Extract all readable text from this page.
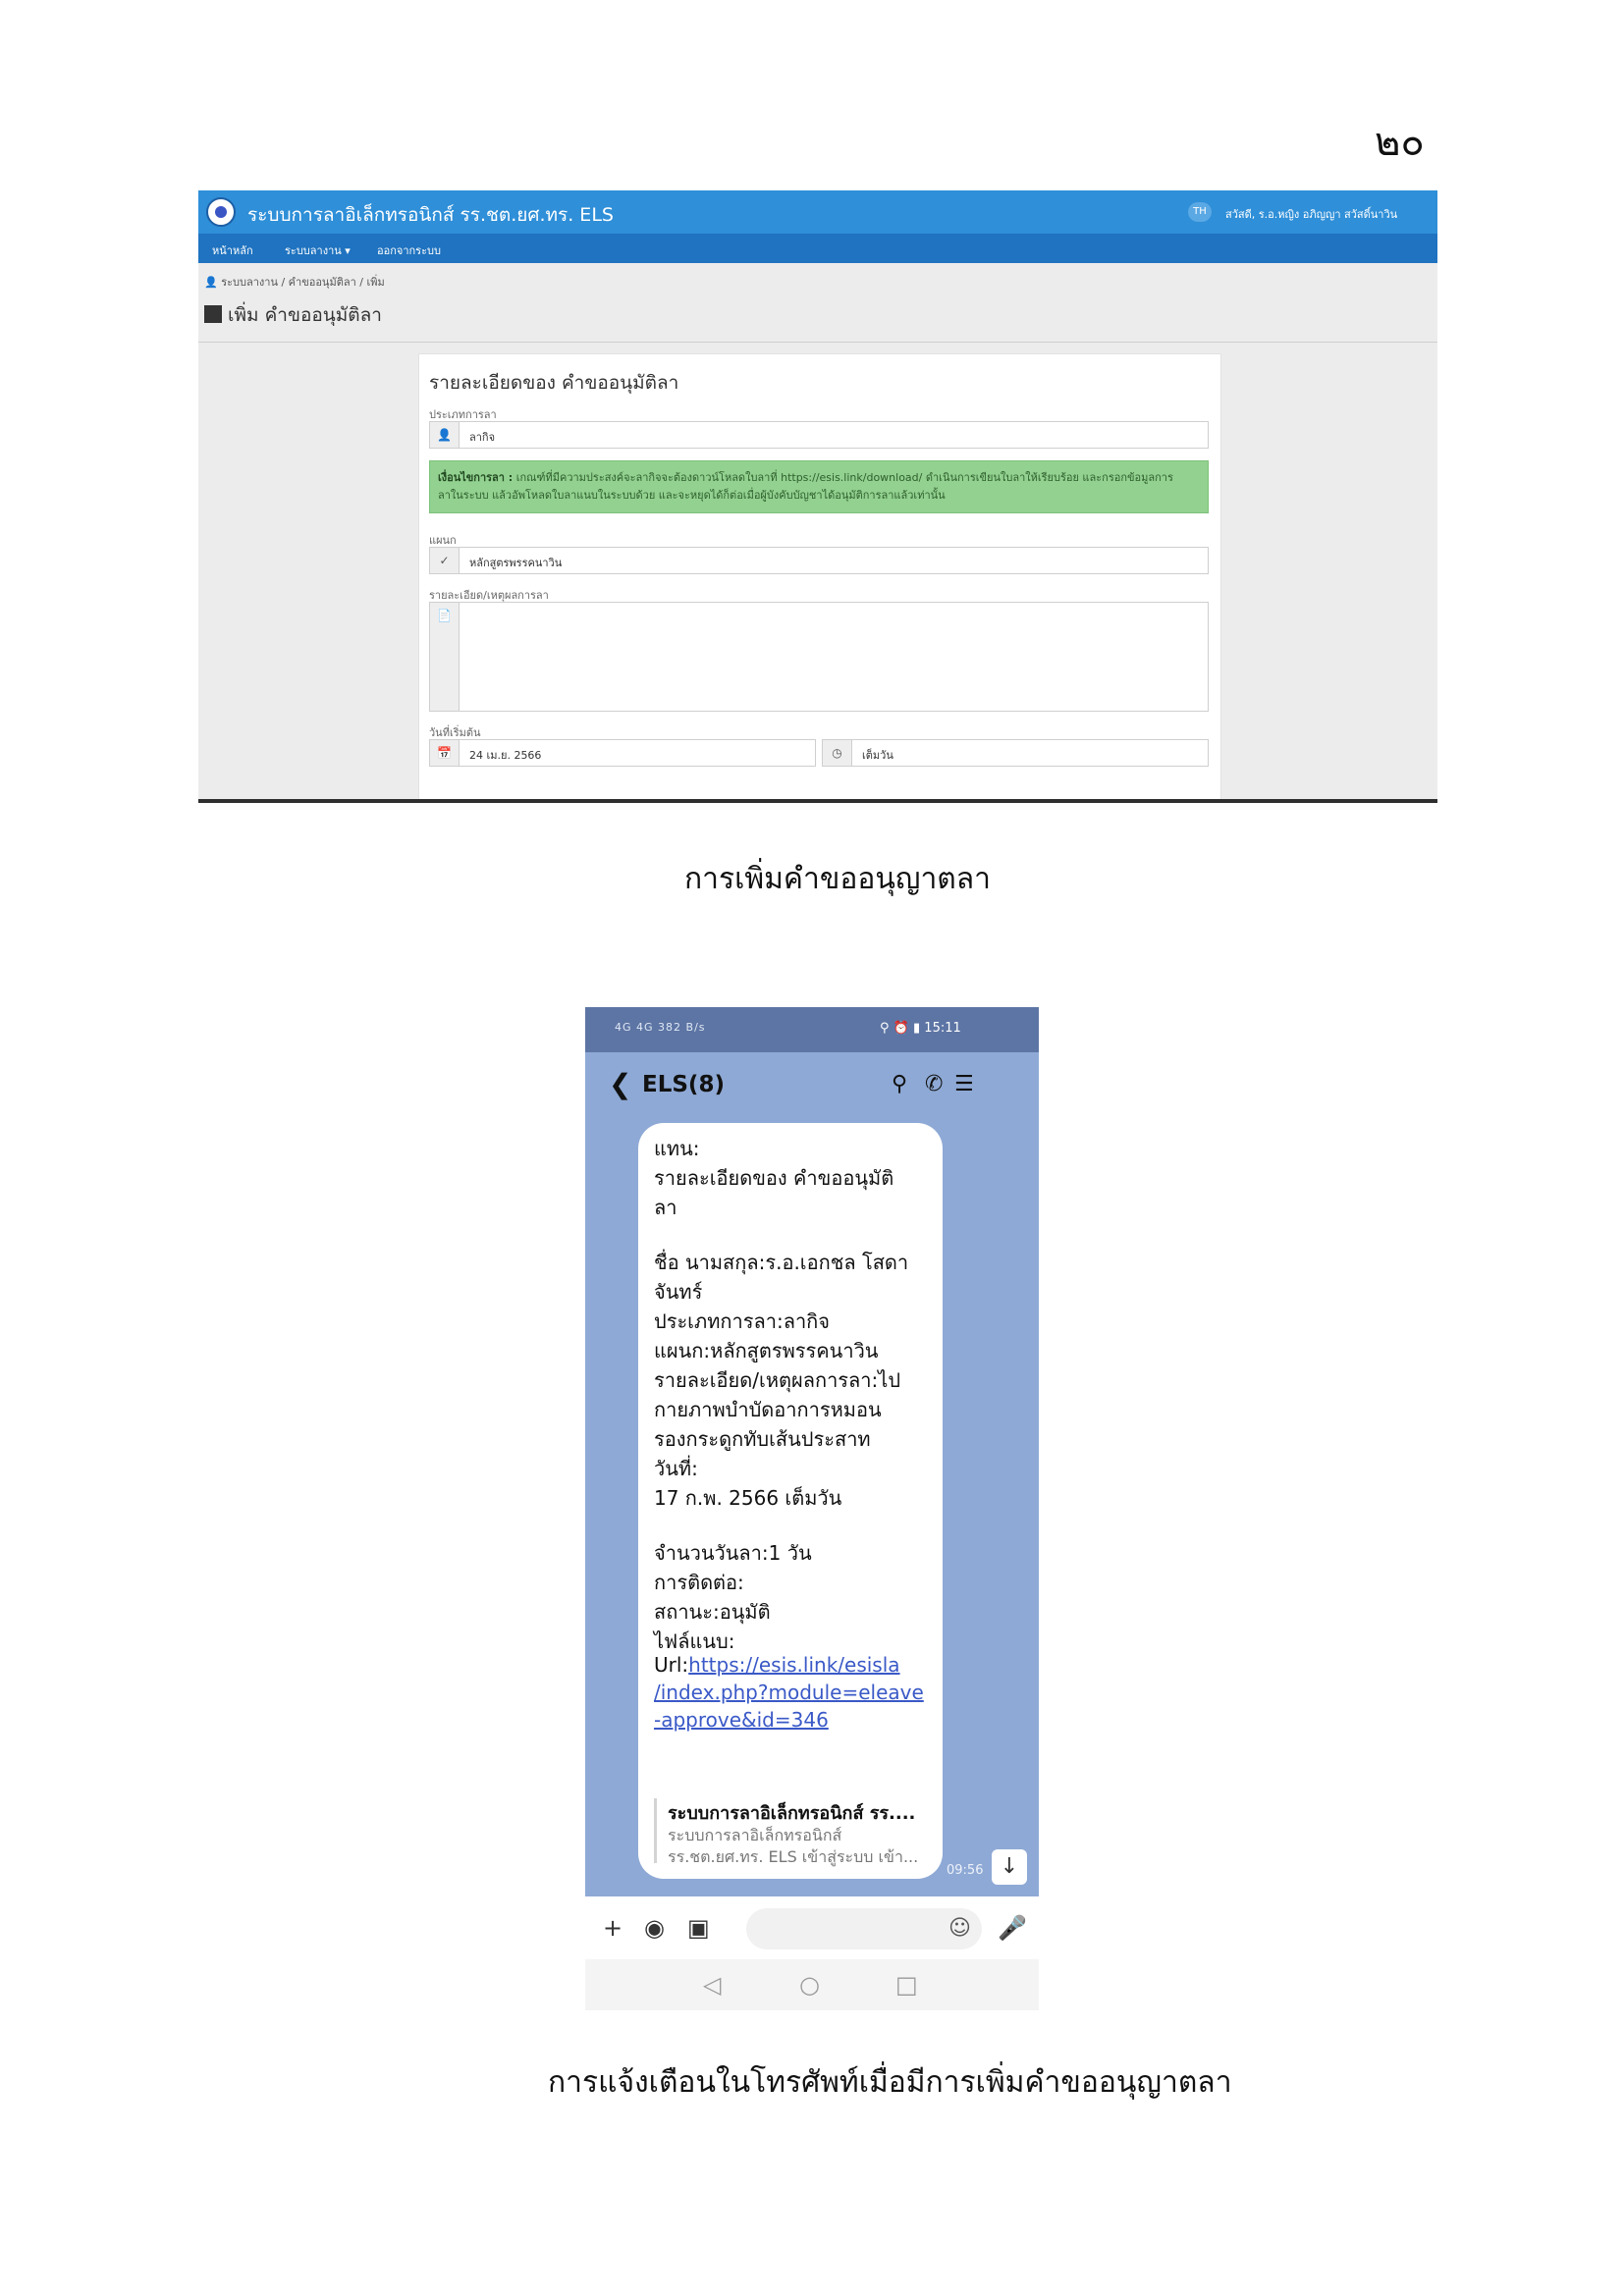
๒๐
ระบบการลาอิเล็กทรอนิกส์ รร.ชต.ยศ.ทร. ELS	TH	สวัสดี, ร.อ.หญิง อภิญญา สวัสดิ์นาวิน
หน้าหลัก	ระบบลางาน ▾ ออกจากระบบ
👤 ระบบลางาน / คำขออนุมัติลา / เพิ่ม
เพิ่ม คำขออนุมัติลา
รายละเอียดของ คำขออนุมัติลา
ประเภทการลา
👤	ลากิจ
เงื่อนไขการลา : เกณฑ์ที่มีความประสงค์จะลากิจจะต้องดาวน์โหลดใบลาที่ https://esis.link/download/ ดำเนินการเขียนใบลาให้เรียบร้อย และกรอกข้อมูลการ
ลาในระบบ แล้วอัพโหลดใบลาแนบในระบบด้วย และจะหยุดได้ก็ต่อเมื่อผู้บังคับบัญชาได้อนุมัติการลาแล้วเท่านั้น
แผนก
✓	หลักสูตรพรรคนาวิน
รายละเอียด/เหตุผลการลา
📄
วันที่เริ่มต้น
📅	24 เม.ย. 2566	◷	เต็มวัน
การเพิ่มคำขออนุญาตลา
4G 4G 382 B/s	⚲ ⏰ ▮ 15:11
❮ ELS(8)	⚲ ✆ ☰
แทน:
รายละเอียดของ คำขออนุมัติ
ลา
ชื่อ นามสกุล:ร.อ.เอกชล โสดา
จันทร์
ประเภทการลา:ลากิจ
แผนก:หลักสูตรพรรคนาวิน
รายละเอียด/เหตุผลการลา:ไป
กายภาพบำบัดอาการหมอน
รองกระดูกทับเส้นประสาท
วันที่:
17 ก.พ. 2566 เต็มวัน
จำนวนวันลา:1 วัน
การติดต่อ:
สถานะ:อนุมัติ
ไฟล์แนบ:
Url:https://esis.link/esisla
/index.php?module=eleave
-approve&id=346
ระบบการลาอิเล็กทรอนิกส์ รร....
ระบบการลาอิเล็กทรอนิกส์
รร.ชต.ยศ.ทร. ELS เข้าสู่ระบบ เข้า...
09:56 ↓
+ ◉ ▣	☺ 🎤
◁	○	□
การแจ้งเตือนในโทรศัพท์เมื่อมีการเพิ่มคำขออนุญาตลา
